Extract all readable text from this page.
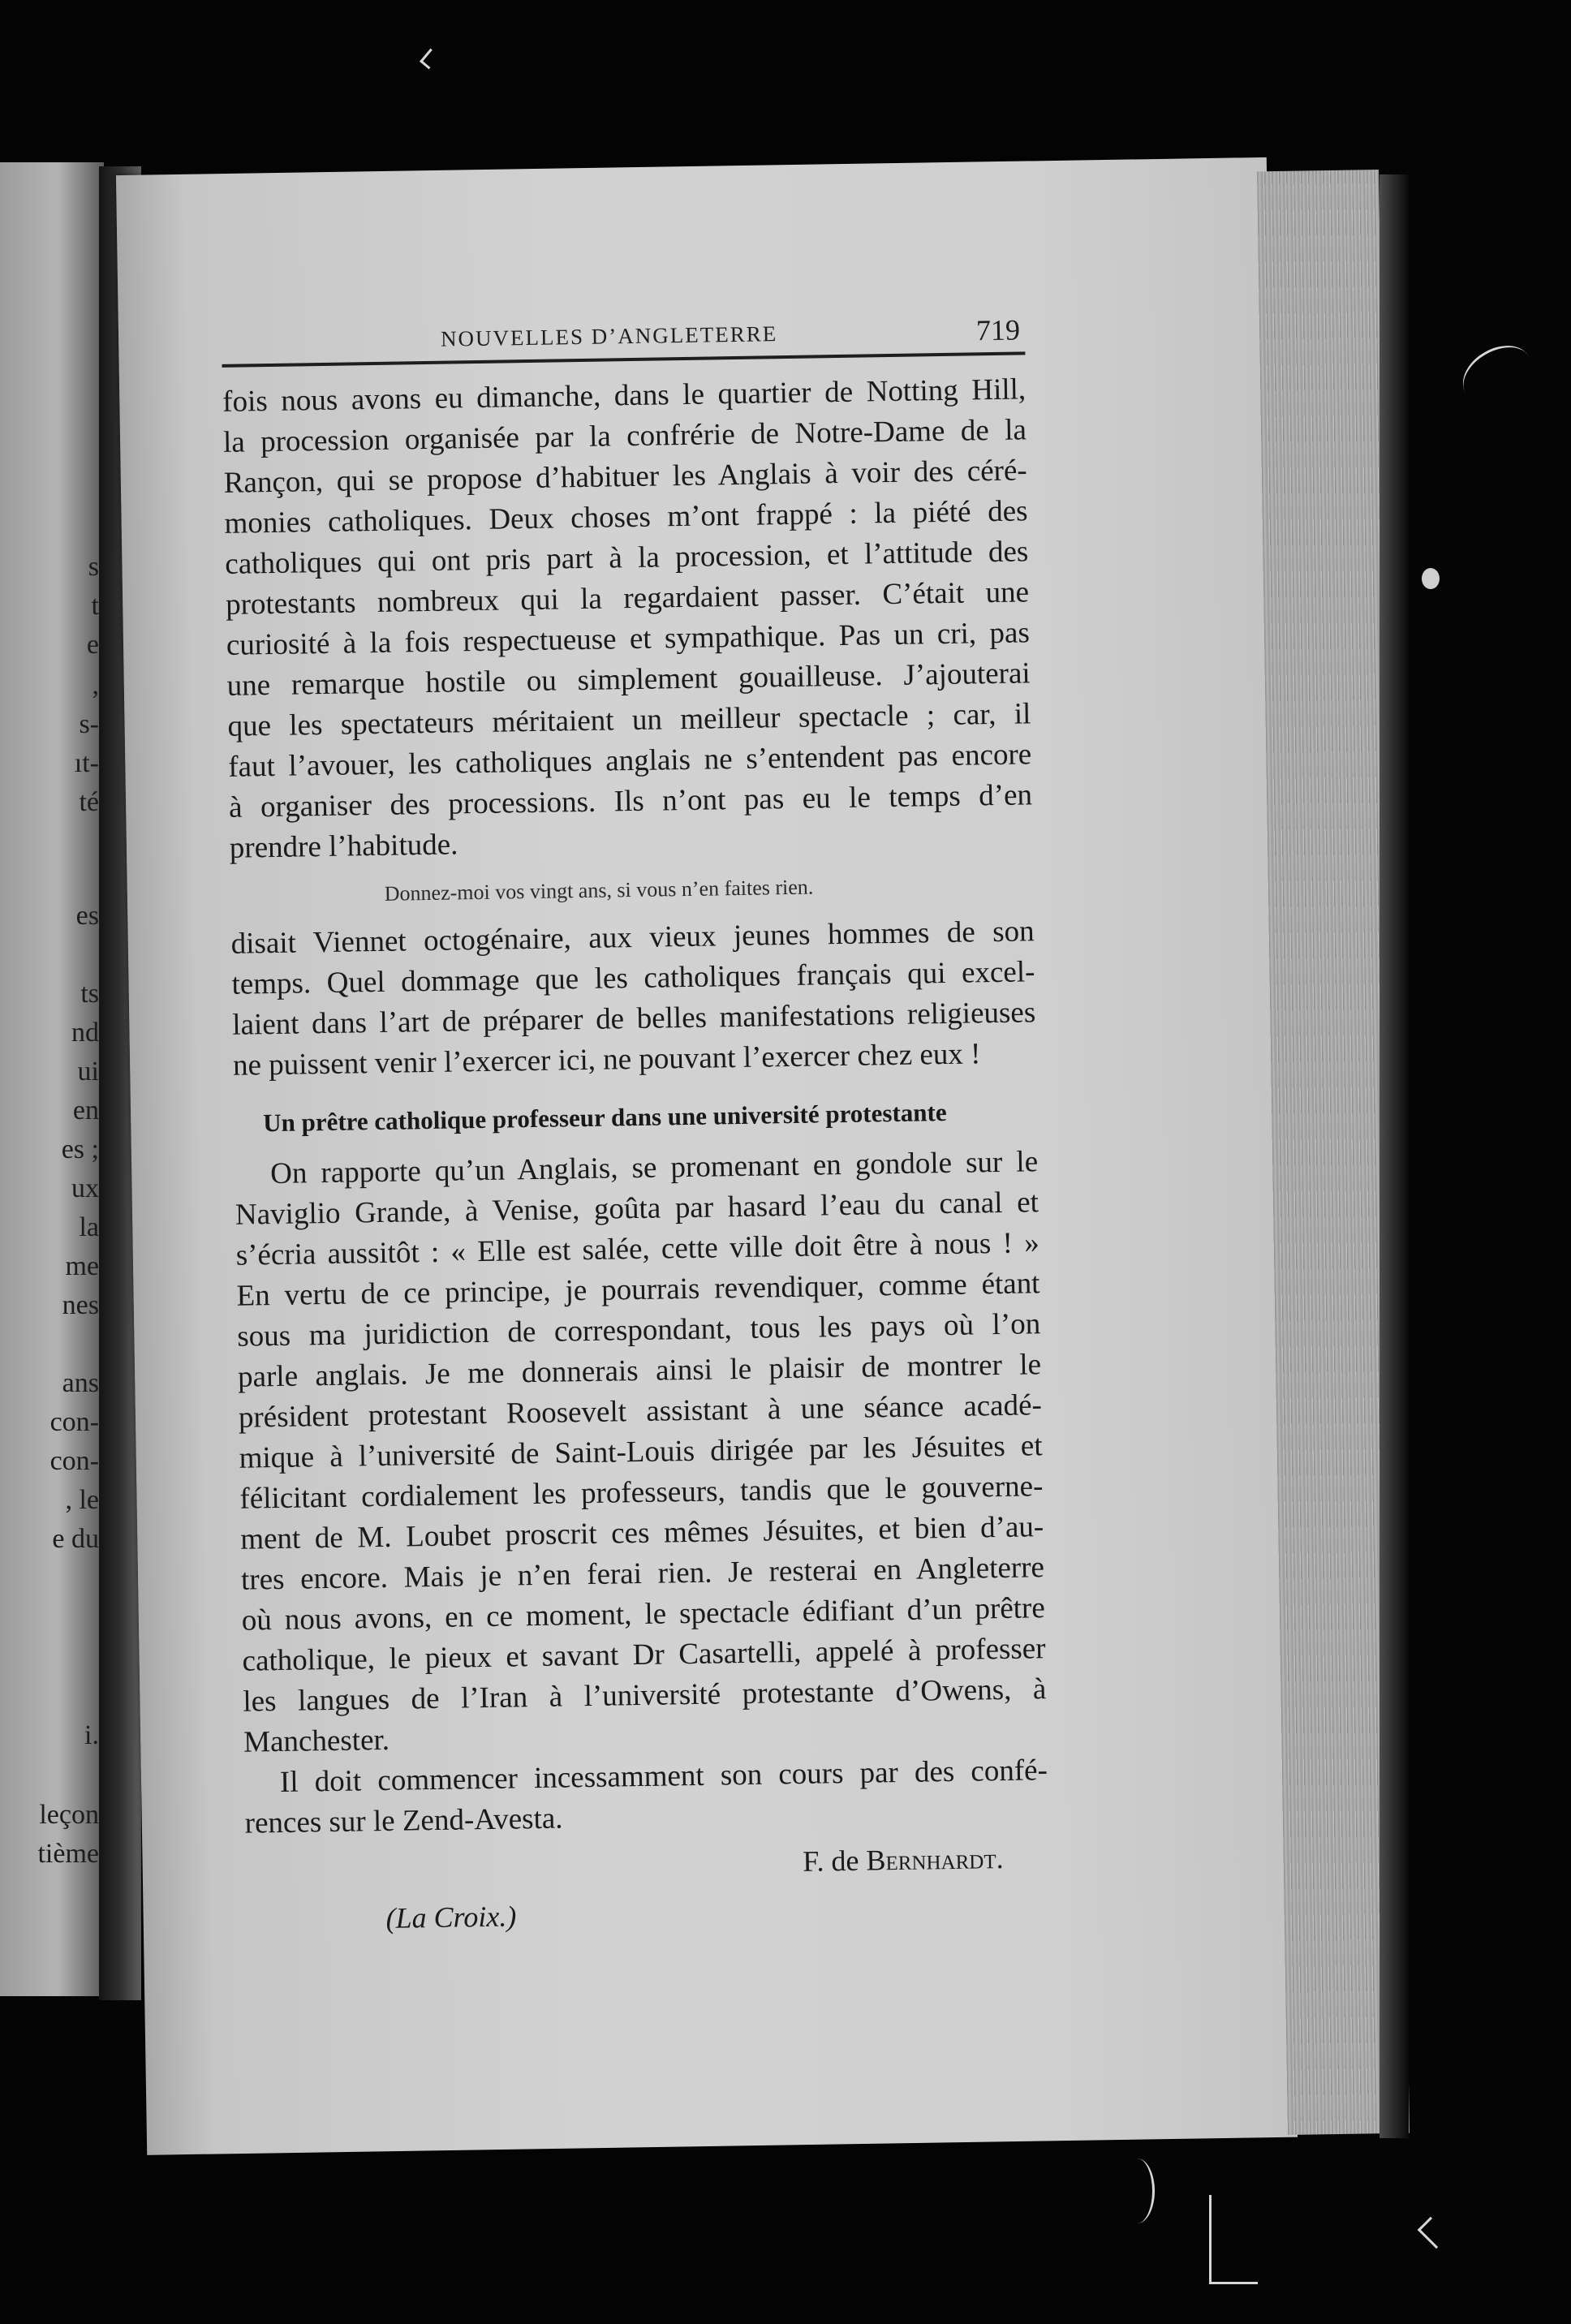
s
t
e
,
s-
ıt-
té
es
ts
nd
ui
en
es ;
ux
la
me
nes
ans
con-
con-
, le
e du
i.
leçon
tième
NOUVELLES D’ANGLETERRE	719
fois nous avons eu dimanche, dans le quartier de Notting Hill,
la procession organisée par la confrérie de Notre-Dame de la
Rançon, qui se propose d’habituer les Anglais à voir des céré-
monies catholiques. Deux choses m’ont frappé : la piété des
catholiques qui ont pris part à la procession, et l’attitude des
protestants nombreux qui la regardaient passer. C’était une
curiosité à la fois respectueuse et sympathique. Pas un cri, pas
une remarque hostile ou simplement gouailleuse. J’ajouterai
que les spectateurs méritaient un meilleur spectacle ; car, il
faut l’avouer, les catholiques anglais ne s’entendent pas encore
à organiser des processions. Ils n’ont pas eu le temps d’en
prendre l’habitude.
Donnez-moi vos vingt ans, si vous n’en faites rien.
disait Viennet octogénaire, aux vieux jeunes hommes de son
temps. Quel dommage que les catholiques français qui excel-
laient dans l’art de préparer de belles manifestations religieuses
ne puissent venir l’exercer ici, ne pouvant l’exercer chez eux !
Un prêtre catholique professeur dans une université protestante
On rapporte qu’un Anglais, se promenant en gondole sur le
Naviglio Grande, à Venise, goûta par hasard l’eau du canal et
s’écria aussitôt : « Elle est salée, cette ville doit être à nous ! »
En vertu de ce principe, je pourrais revendiquer, comme étant
sous ma juridiction de correspondant, tous les pays où l’on
parle anglais. Je me donnerais ainsi le plaisir de montrer le
président protestant Roosevelt assistant à une séance acadé-
mique à l’université de Saint-Louis dirigée par les Jésuites et
félicitant cordialement les professeurs, tandis que le gouverne-
ment de M. Loubet proscrit ces mêmes Jésuites, et bien d’au-
tres encore. Mais je n’en ferai rien. Je resterai en Angleterre
où nous avons, en ce moment, le spectacle édifiant d’un prêtre
catholique, le pieux et savant Dr Casartelli, appelé à professer
les langues de l’Iran à l’université protestante d’Owens, à
Manchester.
Il doit commencer incessamment son cours par des confé-
rences sur le Zend-Avesta.
F. de Bernhardt.
(La Croix.)
